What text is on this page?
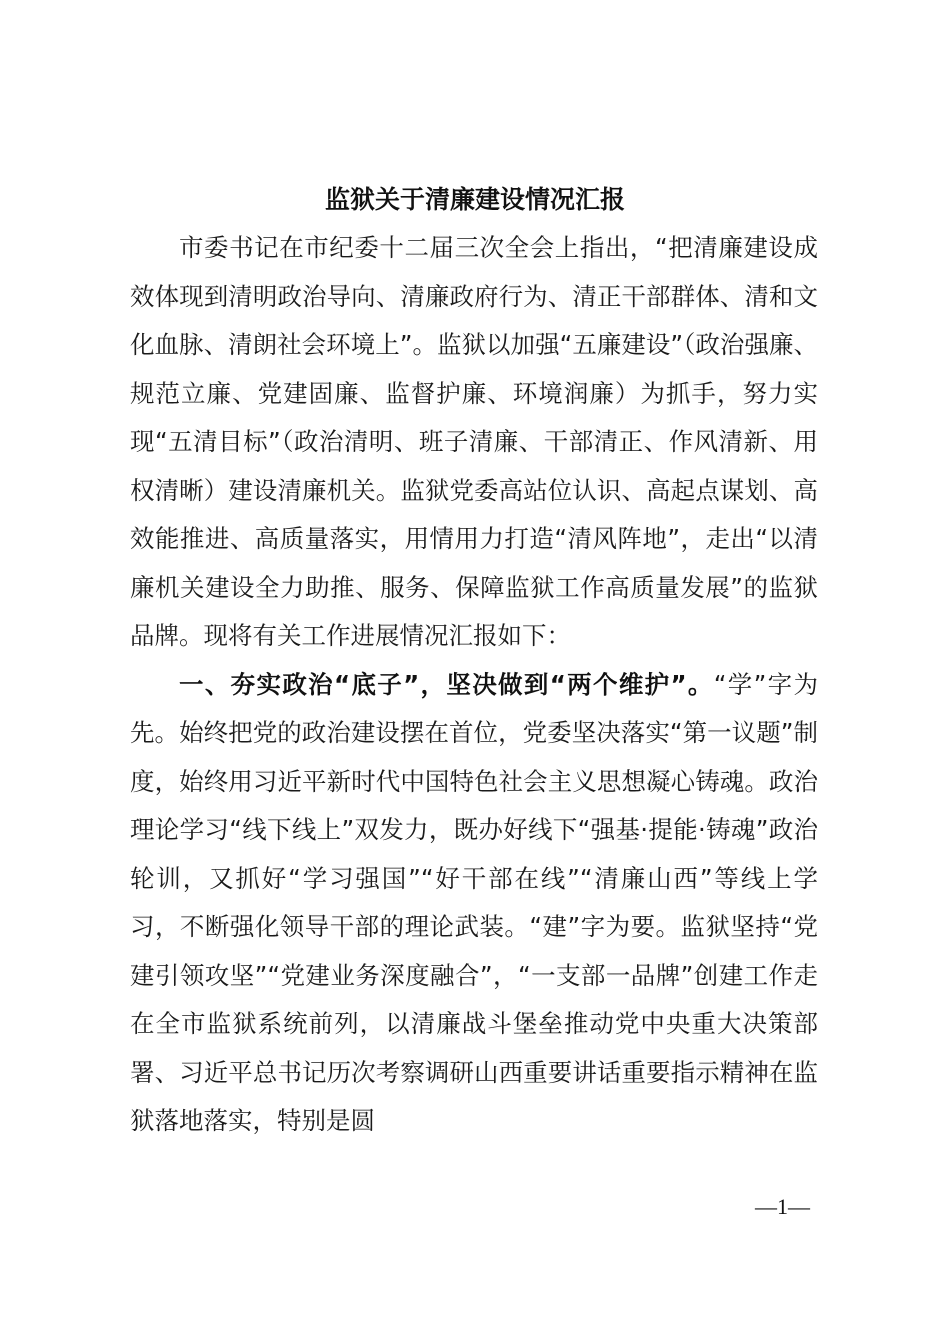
监狱关于清廉建设情况汇报

市委书记在市纪委十二届三次全会上指出，“把清廉建设成效体现到清明政治导向、清廉政府行为、清正干部群体、清和文化血脉、清朗社会环境上”。监狱以加强“五廉建设”（政治强廉、规范立廉、党建固廉、监督护廉、环境润廉）为抓手，努力实现“五清目标”（政治清明、班子清廉、干部清正、作风清新、用权清晰）建设清廉机关。监狱党委高站位认识、高起点谋划、高效能推进、高质量落实，用情用力打造“清风阵地”，走出“以清廉机关建设全力助推、服务、保障监狱工作高质量发展”的监狱品牌。现将有关工作进展情况汇报如下：

一、夯实政治“底子”，坚决做到“两个维护”。“学”字为先。始终把党的政治建设摆在首位，党委坚决落实“第一议题”制度，始终用习近平新时代中国特色社会主义思想凝心铸魂。政治理论学习“线下线上”双发力，既办好线下“强基·提能·铸魂”政治轮训，又抓好“学习强国”“好干部在线”“清廉山西”等线上学习，不断强化领导干部的理论武装。“建”字为要。监狱坚持“党建引领攻坚”“党建业务深度融合”，“一支部一品牌”创建工作走在全市监狱系统前列，以清廉战斗堡垒推动党中央重大决策部署、习近平总书记历次考察调研山西重要讲话重要指示精神在监狱落地落实，特别是圆

—1—
